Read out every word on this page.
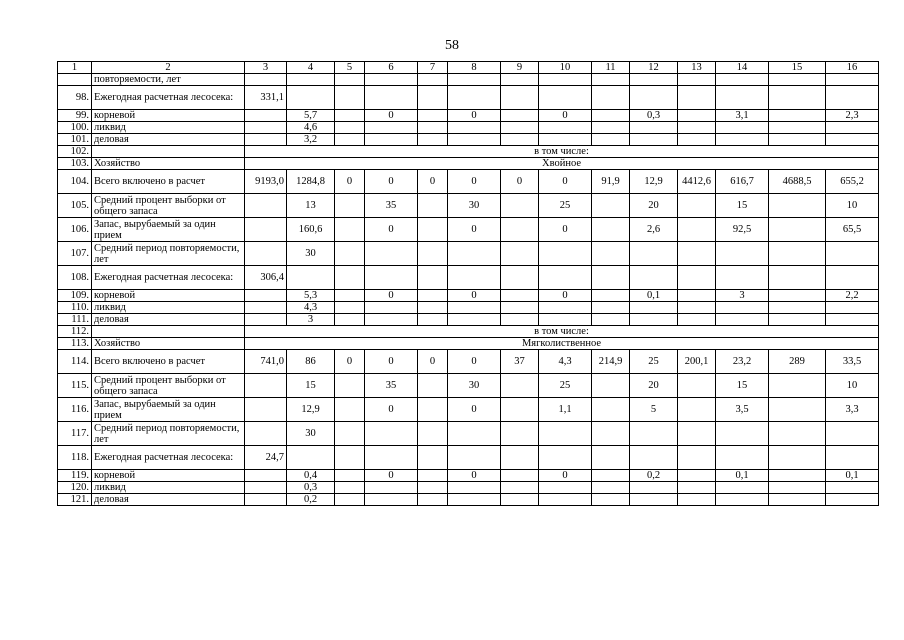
58
1	2	3	4	5	6	7	8	9	10	11	12	13	14	15	16
	повторяемости, лет														
98.	Ежегодная расчетная лесосека:	331,1													
99.	корневой		5,7		0		0		0		0,3		3,1		2,3
100.	ликвид		4,6												
101.	деловая		3,2												
102.		в том числе:													
103.	Хозяйство	Хвойное													
104.	Всего включено в расчет	9193,0	1284,8	0	0	0	0	0	0	91,9	12,9	4412,6	616,7	4688,5	655,2
105.	Средний процент выборки от общего запаса		13		35		30		25		20		15		10
106.	Запас, вырубаемый за один прием		160,6		0		0		0		2,6		92,5		65,5
107.	Средний период повторяемости, лет		30												
108.	Ежегодная расчетная лесосека:	306,4													
109.	корневой		5,3		0		0		0		0,1		3		2,2
110.	ликвид		4,3												
111.	деловая		3												
112.		в том числе:													
113.	Хозяйство	Мягколиственное													
114.	Всего включено в расчет	741,0	86	0	0	0	0	37	4,3	214,9	25	200,1	23,2	289	33,5
115.	Средний процент выборки от общего запаса		15		35		30		25		20		15		10
116.	Запас, вырубаемый за один прием		12,9		0		0		1,1		5		3,5		3,3
117.	Средний период повторяемости, лет		30												
118.	Ежегодная расчетная лесосека:	24,7													
119.	корневой		0,4		0		0		0		0,2		0,1		0,1
120.	ликвид		0,3												
121.	деловая		0,2												
